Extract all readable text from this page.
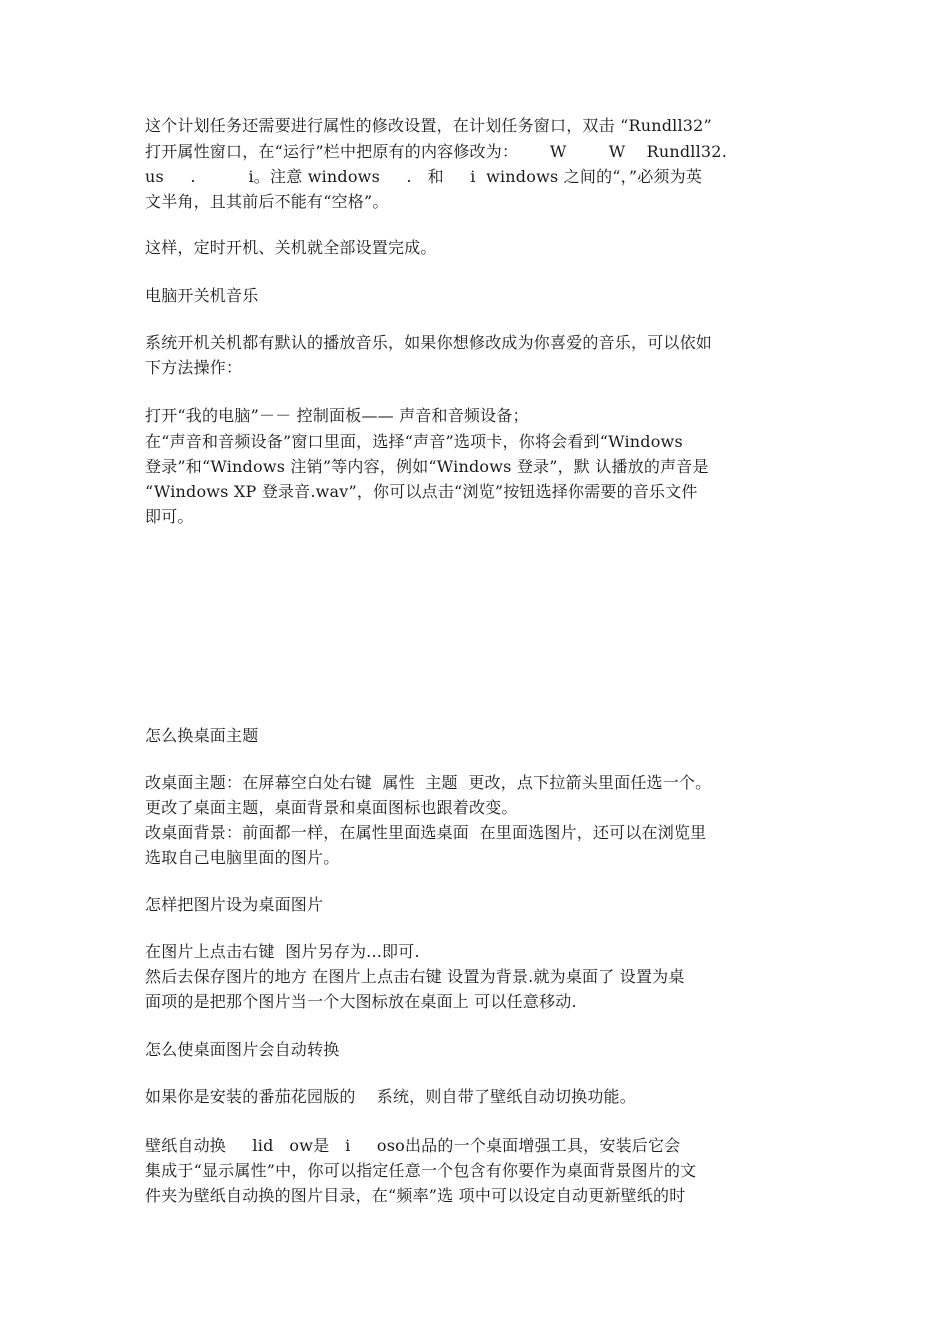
这个计划任务还需要进行属性的修改设置，在计划任务窗口，双击 “Rundll32”

打开属性窗口，在“运行”栏中把原有的内容修改为：      W        W    Rundll32.

us     .          i。注意 windows     .   和     i  windows 之间的“，”必须为英

文半角，且其前后不能有“空格”。

这样，定时开机、关机就全部设置完成。

电脑开关机音乐

系统开机关机都有默认的播放音乐，如果你想修改成为你喜爱的音乐，可以依如

下方法操作：

打开“我的电脑”－－ 控制面板—— 声音和音频设备；

在“声音和音频设备”窗口里面，选择“声音”选项卡，你将会看到“Windows

登录”和“Windows 注销”等内容，例如“Windows 登录”，默 认播放的声音是

“Windows XP 登录音.wav”，你可以点击“浏览”按钮选择你需要的音乐文件

即可。

怎么换桌面主题

改桌面主题：在屏幕空白处右键  属性  主题  更改，点下拉箭头里面任选一个。

更改了桌面主题，桌面背景和桌面图标也跟着改变。

改桌面背景：前面都一样，在属性里面选桌面  在里面选图片，还可以在浏览里

选取自己电脑里面的图片。

怎样把图片设为桌面图片

在图片上点击右键  图片另存为...即可.

然后去保存图片的地方 在图片上点击右键 设置为背景.就为桌面了 设置为桌

面项的是把那个图片当一个大图标放在桌面上 可以任意移动.

怎么使桌面图片会自动转换

如果你是安装的番茄花园版的    系统，则自带了壁纸自动切换功能。

壁纸自动换     lid   ow是   i     oso出品的一个桌面增强工具，安装后它会

集成于“显示属性”中，你可以指定任意一个包含有你要作为桌面背景图片的文

件夹为壁纸自动换的图片目录，在“频率”选 项中可以设定自动更新壁纸的时
